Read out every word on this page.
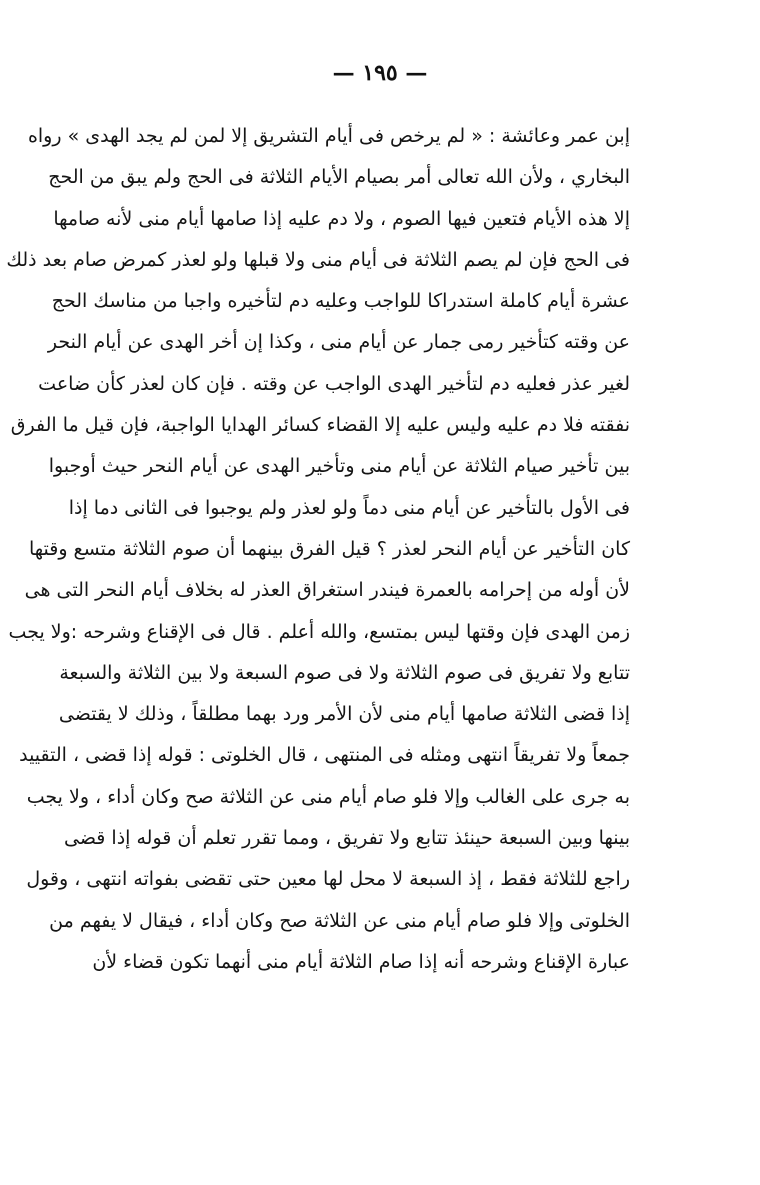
— ١٩٥ —
إبن عمر وعائشة : « لم يرخص فى أيام التشريق إلا لمن لم يجد الهدى » رواه
البخاري ، ولأن الله تعالى أمر بصيام الأيام الثلاثة فى الحج ولم يبق من الحج
إلا هذه الأيام فتعين فيها الصوم ، ولا دم عليه إذا صامها أيام منى لأنه صامها
فى الحج فإن لم يصم الثلاثة فى أيام منى ولا قبلها ولو لعذر كمرض صام بعد ذلك
عشرة أيام كاملة استدراكا للواجب وعليه دم لتأخيره واجبا من مناسك الحج
عن وقته كتأخير رمى جمار عن أيام منى ، وكذا إن أخر الهدى عن أيام النحر
لغير عذر فعليه دم لتأخير الهدى الواجب عن وقته . فإن كان لعذر كأن ضاعت
نفقته فلا دم عليه وليس عليه إلا القضاء كسائر الهدايا الواجبة، فإن قيل ما الفرق
بين تأخير صيام الثلاثة عن أيام منى وتأخير الهدى عن أيام النحر حيث أوجبوا
فى الأول بالتأخير عن أيام منى دماً ولو لعذر ولم يوجبوا فى الثانى دما إذا
كان التأخير عن أيام النحر لعذر ؟ قيل الفرق بينهما أن صوم الثلاثة متسع وقتها
لأن أوله من إحرامه بالعمرة فيندر استغراق العذر له بخلاف أيام النحر التى هى
زمن الهدى فإن وقتها ليس بمتسع، والله أعلم . قال فى الإقناع وشرحه :ولا يجب
تتابع ولا تفريق فى صوم الثلاثة ولا فى صوم السبعة ولا بين الثلاثة والسبعة
إذا قضى الثلاثة صامها أيام منى لأن الأمر ورد بهما مطلقاً ، وذلك لا يقتضى
جمعاً ولا تفريقاً انتهى ومثله فى المنتهى ، قال الخلوتى : قوله إذا قضى ، التقييد
به جرى على الغالب وإلا فلو صام أيام منى عن الثلاثة صح وكان أداء ، ولا يجب
بينها وبين السبعة حينئذ تتابع ولا تفريق ، ومما تقرر تعلم أن قوله إذا قضى
راجع للثلاثة فقط ، إذ السبعة لا محل لها معين حتى تقضى بفواته انتهى ، وقول
الخلوتى وإلا فلو صام أيام منى عن الثلاثة صح وكان أداء ، فيقال لا يفهم من
عبارة الإقناع وشرحه أنه إذا صام الثلاثة أيام منى أنهما تكون قضاء لأن
